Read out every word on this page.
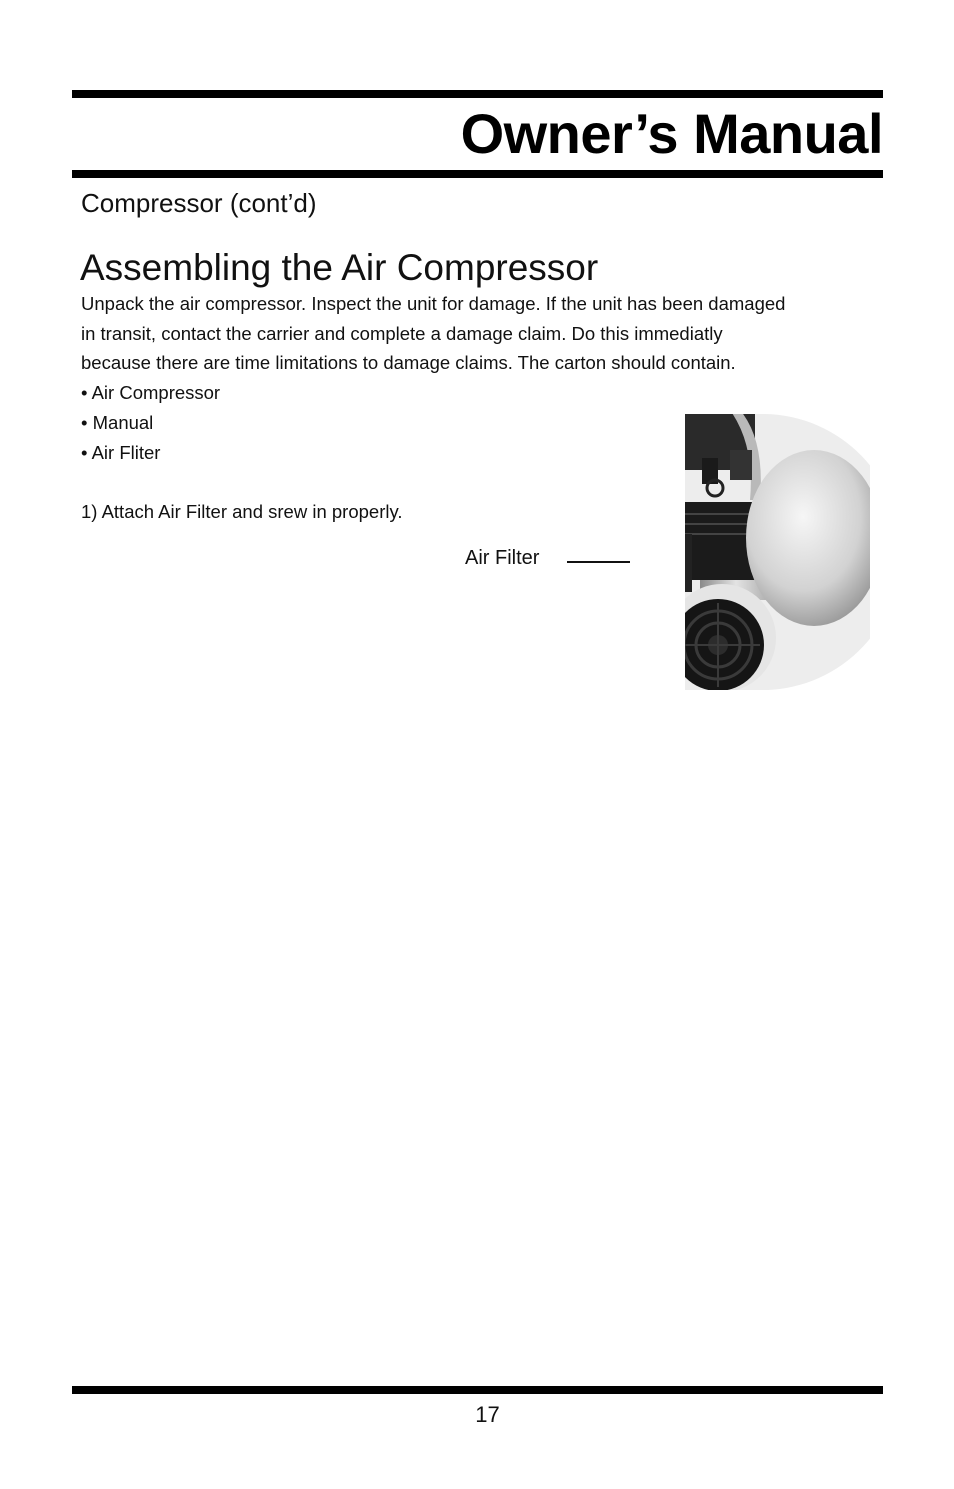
Owner’s Manual
Compressor (cont’d)
Assembling the Air Compressor

Unpack the air compressor. Inspect the unit for damage. If the unit has been damaged

in transit, contact the carrier and complete a damage claim. Do this immediatly

because there are time limitations to damage claims. The carton should contain.

• Air Compressor
• Manual
• Air Fliter

1) Attach Air Filter and srew in properly.

Air Filter
17
